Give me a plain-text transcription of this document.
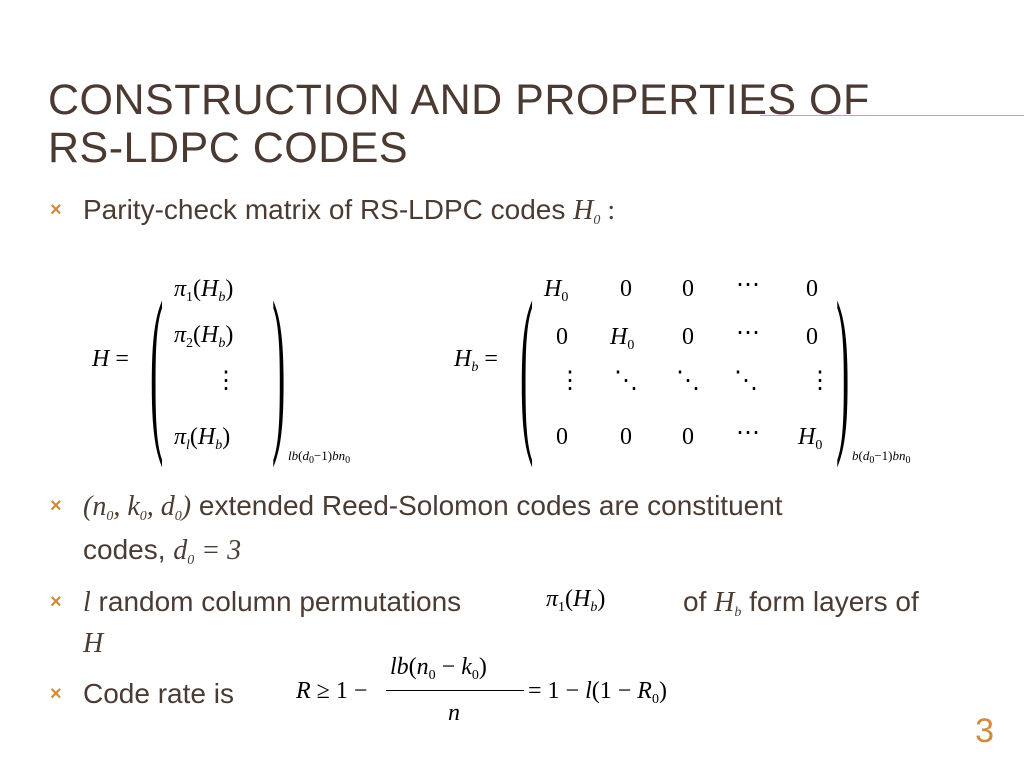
CONSTRUCTION AND PROPERTIES OF
RS-LDPC CODES
× Parity-check matrix of RS-LDPC codes $H_0$ :
H = ( $\pi_1(H_b)$
$\pi_2(H_b)$
⋮
$\pi_l(H_b)$ ) $lb(d_0-1)bn_0$
$H_b$ = ( $H_0$ 0 0 ⋯ 0
0 $H_0$ 0 ⋯ 0
⋮ ⋱ ⋱ ⋱ ⋮
0 0 0 ⋯ $H_0$ ) $b(d_0-1)bn_0$
× ($n_0$, $k_0$, $d_0$) extended Reed-Solomon codes are constituent
codes, $d_0 = 3$
× l random column permutations	$\pi_1(H_b)$	of $H_b$ form layers of
H
× Code rate is	R ≥ 1 −
$lb(n_0 - k_0)$
n
= $1 - l(1 - R_0)$
3
